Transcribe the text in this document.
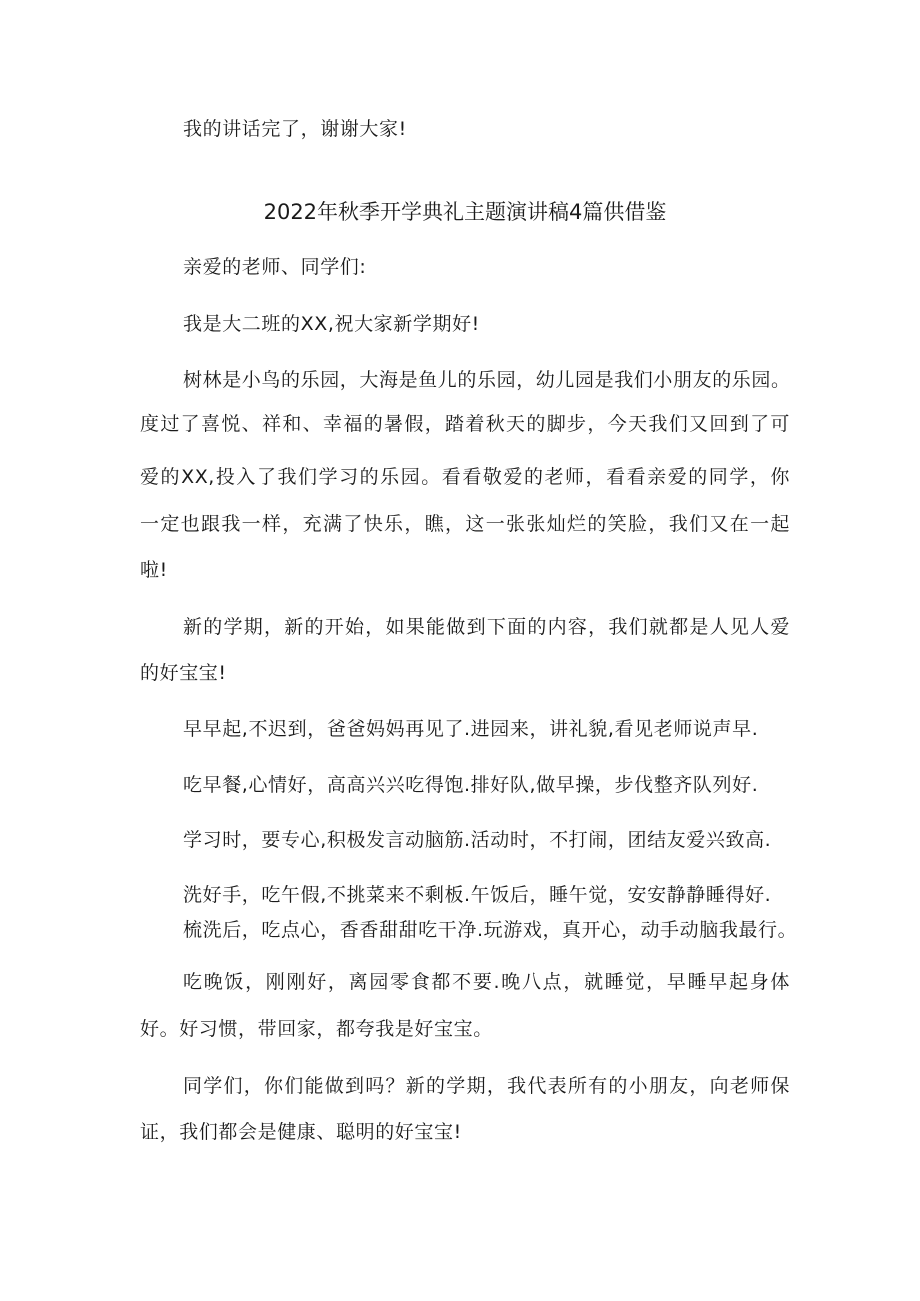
我的讲话完了，谢谢大家!
2022年秋季开学典礼主题演讲稿4篇供借鉴
亲爱的老师、同学们:
我是大二班的XX,祝大家新学期好!
树林是小鸟的乐园，大海是鱼儿的乐园，幼儿园是我们小朋友的乐园。
度过了喜悦、祥和、幸福的暑假，踏着秋天的脚步，今天我们又回到了可
爱的XX,投入了我们学习的乐园。看看敬爱的老师，看看亲爱的同学，你
一定也跟我一样，充满了快乐，瞧，这一张张灿烂的笑脸，我们又在一起
啦!
新的学期，新的开始，如果能做到下面的内容，我们就都是人见人爱
的好宝宝!
早早起,不迟到，爸爸妈妈再见了.进园来，讲礼貌,看见老师说声早.
吃早餐,心情好，高高兴兴吃得饱.排好队,做早操，步伐整齐队列好.
学习时，要专心,积极发言动脑筋.活动时，不打闹，团结友爱兴致高.
洗好手，吃午假,不挑菜来不剩板.午饭后，睡午觉，安安静静睡得好.
梳洗后，吃点心，香香甜甜吃干净.玩游戏，真开心，动手动脑我最行。
吃晚饭，刚刚好，离园零食都不要.晚八点，就睡觉，早睡早起身体
好。好习惯，带回家，都夸我是好宝宝。
同学们，你们能做到吗？新的学期，我代表所有的小朋友，向老师保
证，我们都会是健康、聪明的好宝宝!
